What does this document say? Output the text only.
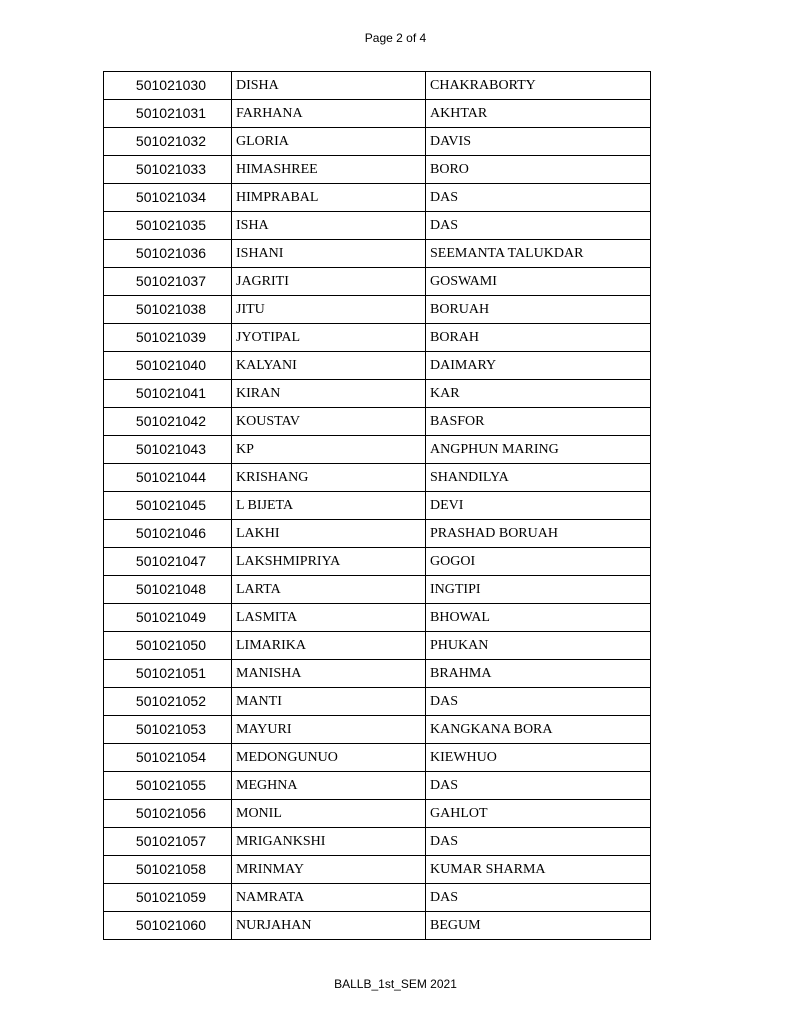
Page 2 of 4
501021030	DISHA	CHAKRABORTY
501021031	FARHANA	AKHTAR
501021032	GLORIA	DAVIS
501021033	HIMASHREE	BORO
501021034	HIMPRABAL	DAS
501021035	ISHA	DAS
501021036	ISHANI	SEEMANTA TALUKDAR
501021037	JAGRITI	GOSWAMI
501021038	JITU	BORUAH
501021039	JYOTIPAL	BORAH
501021040	KALYANI	DAIMARY
501021041	KIRAN	KAR
501021042	KOUSTAV	BASFOR
501021043	KP	ANGPHUN MARING
501021044	KRISHANG	SHANDILYA
501021045	L BIJETA	DEVI
501021046	LAKHI	PRASHAD BORUAH
501021047	LAKSHMIPRIYA	GOGOI
501021048	LARTA	INGTIPI
501021049	LASMITA	BHOWAL
501021050	LIMARIKA	PHUKAN
501021051	MANISHA	BRAHMA
501021052	MANTI	DAS
501021053	MAYURI	KANGKANA BORA
501021054	MEDONGUNUO	KIEWHUO
501021055	MEGHNA	DAS
501021056	MONIL	GAHLOT
501021057	MRIGANKSHI	DAS
501021058	MRINMAY	KUMAR SHARMA
501021059	NAMRATA	DAS
501021060	NURJAHAN	BEGUM
BALLB_1st_SEM 2021
